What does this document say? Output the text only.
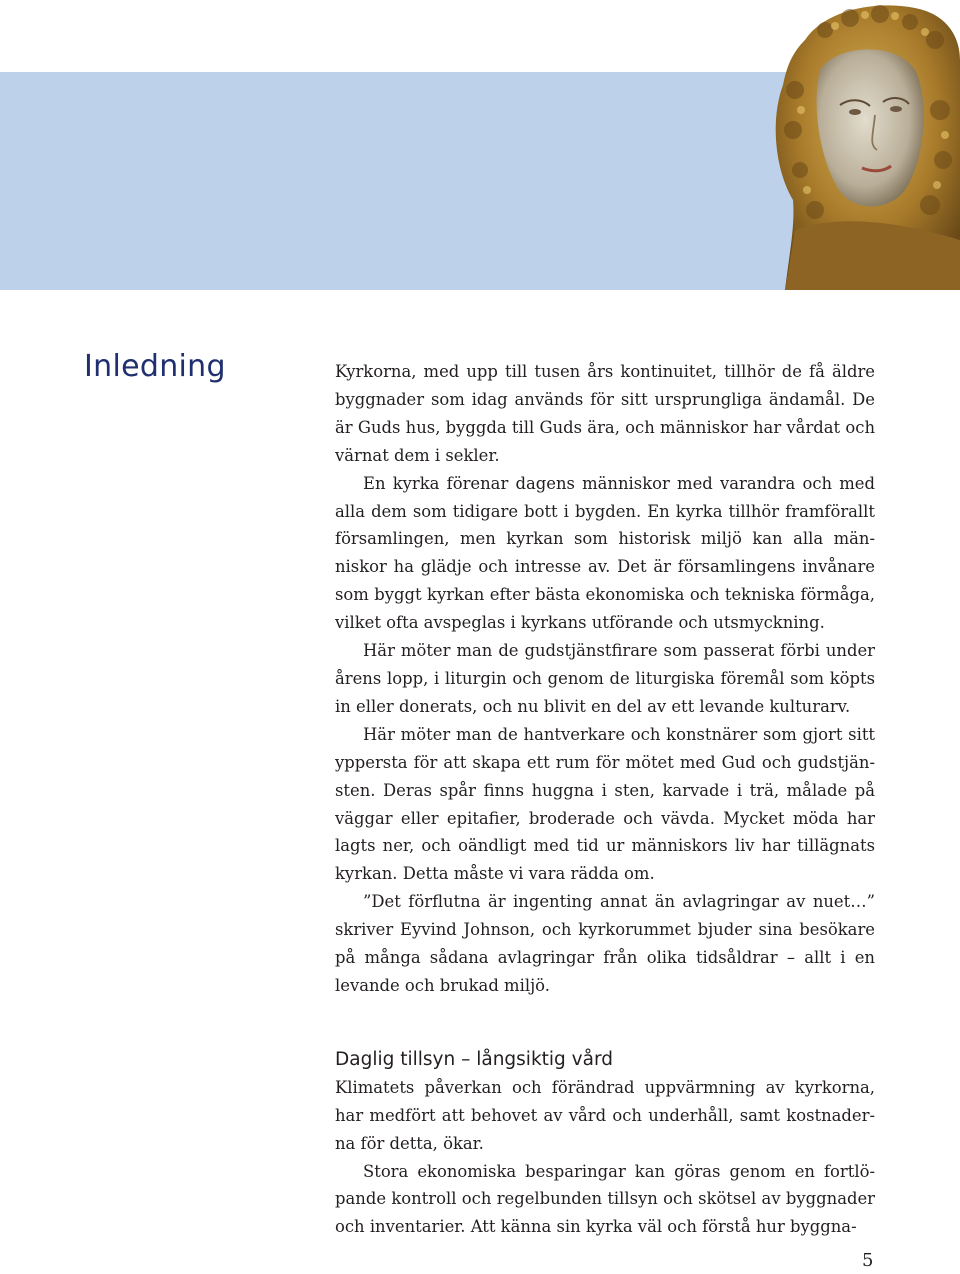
Inledning	Kyrkorna, med upp till tusen års kontinuitet, tillhör de få äldre byggnader som idag används för sitt ursprungliga ändamål. De är Guds hus, byggda till Guds ära, och människor har vårdat och värnat dem i sekler.

En kyrka förenar dagens människor med varandra och med alla dem som tidigare bott i bygden. En kyrka tillhör framförallt församlingen, men kyrkan som historisk miljö kan alla människor ha glädje och intresse av. Det är församlingens invånare som byggt kyrkan efter bästa ekonomiska och tekniska förmåga, vilket ofta avspeglas i kyrkans utförande och utsmyckning.

Här möter man de gudstjänstfirare som passerat förbi under årens lopp, i liturgin och genom de liturgiska föremål som köpts in eller donerats, och nu blivit en del av ett levande kulturarv.

Här möter man de hantverkare och konstnärer som gjort sitt yppersta för att skapa ett rum för mötet med Gud och gudstjänsten. Deras spår finns huggna i sten, karvade i trä, målade på väggar eller epitafier, broderade och vävda. Mycket möda har lagts ner, och oändligt med tid ur människors liv har tillägnats kyrkan. Detta måste vi vara rädda om.

”Det förflutna är ingenting annat än avlagringar av nuet…” skriver Eyvind Johnson, och kyrkorummet bjuder sina besökare på många sådana avlagringar från olika tidsåldrar – allt i en levande och brukad miljö.

Daglig tillsyn – långsiktig vård

Klimatets påverkan och förändrad uppvärmning av kyrkorna, har medfört att behovet av vård och underhåll, samt kostnaderna för detta, ökar.

Stora ekonomiska besparingar kan göras genom en fortlöpande kontroll och regelbunden tillsyn och skötsel av byggnader och inventarier. Att känna sin kyrka väl och förstå hur byggna-

5
